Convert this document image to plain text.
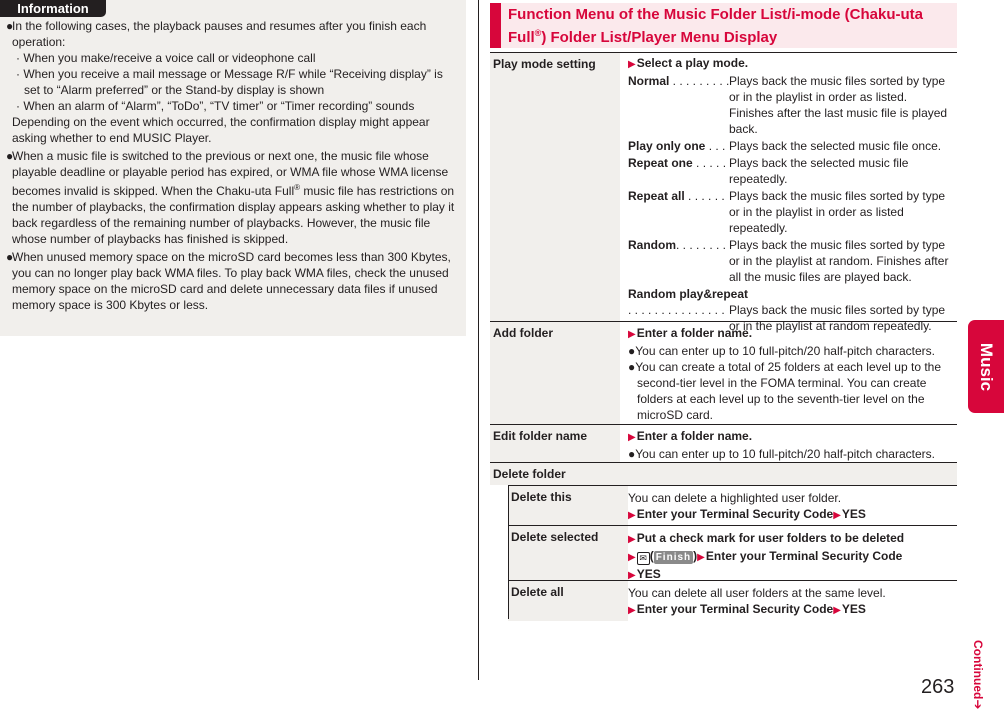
Information
●In the following cases, the playback pauses and resumes after you finish each operation:
· When you make/receive a voice call or videophone call
· When you receive a mail message or Message R/F while “Receiving display” is set to “Alarm preferred” or the Stand-by display is shown
· When an alarm of “Alarm”, “ToDo”, “TV timer” or “Timer recording” sounds
Depending on the event which occurred, the confirmation display might appear asking whether to end MUSIC Player.
●When a music file is switched to the previous or next one, the music file whose playable deadline or playable period has expired, or WMA file whose WMA license becomes invalid is skipped. When the Chaku-uta Full® music file has restrictions on the number of playbacks, the confirmation display appears asking whether to play it back regardless of the remaining number of playbacks. However, the music file whose number of playbacks has finished is skipped.
●When unused memory space on the microSD card becomes less than 300 Kbytes, you can no longer play back WMA files. To play back WMA files, check the unused memory space on the microSD card and delete unnecessary data files if unused memory space is 300 Kbytes or less.
Function Menu of the Music Folder List/i-mode (Chaku-uta
Full®) Folder List/Player Menu Display
Play mode setting	▶Select a play mode.
Normal . . . . . . . . . Plays back the music files sorted by type or in the playlist in order as listed.
Finishes after the last music file is played back.
Play only one . . . Plays back the selected music file once.
Repeat one . . . . . Plays back the selected music file repeatedly.
Repeat all . . . . . . Plays back the music files sorted by type or in the playlist in order as listed repeatedly.
Random. . . . . . . . Plays back the music files sorted by type or in the playlist at random. Finishes after all the music files are played back.
Random play&repeat
. . . . . . . . . . . . . . . Plays back the music files sorted by type or in the playlist at random repeatedly.
Add folder	▶Enter a folder name.
●You can enter up to 10 full-pitch/20 half-pitch characters.
●You can create a total of 25 folders at each level up to the second-tier level in the FOMA terminal. You can create folders at each level up to the seventh-tier level on the microSD card.
Edit folder name	▶Enter a folder name.
●You can enter up to 10 full-pitch/20 half-pitch characters.
Delete folder
Delete this	You can delete a highlighted user folder.
▶Enter your Terminal Security Code▶YES
Delete selected	▶Put a check mark for user folders to be deleted
▶ ✉ ( Finish )▶Enter your Terminal Security Code
▶YES
Delete all	You can delete all user folders at the same level.
▶Enter your Terminal Security Code▶YES
Music
Continued➔
263
